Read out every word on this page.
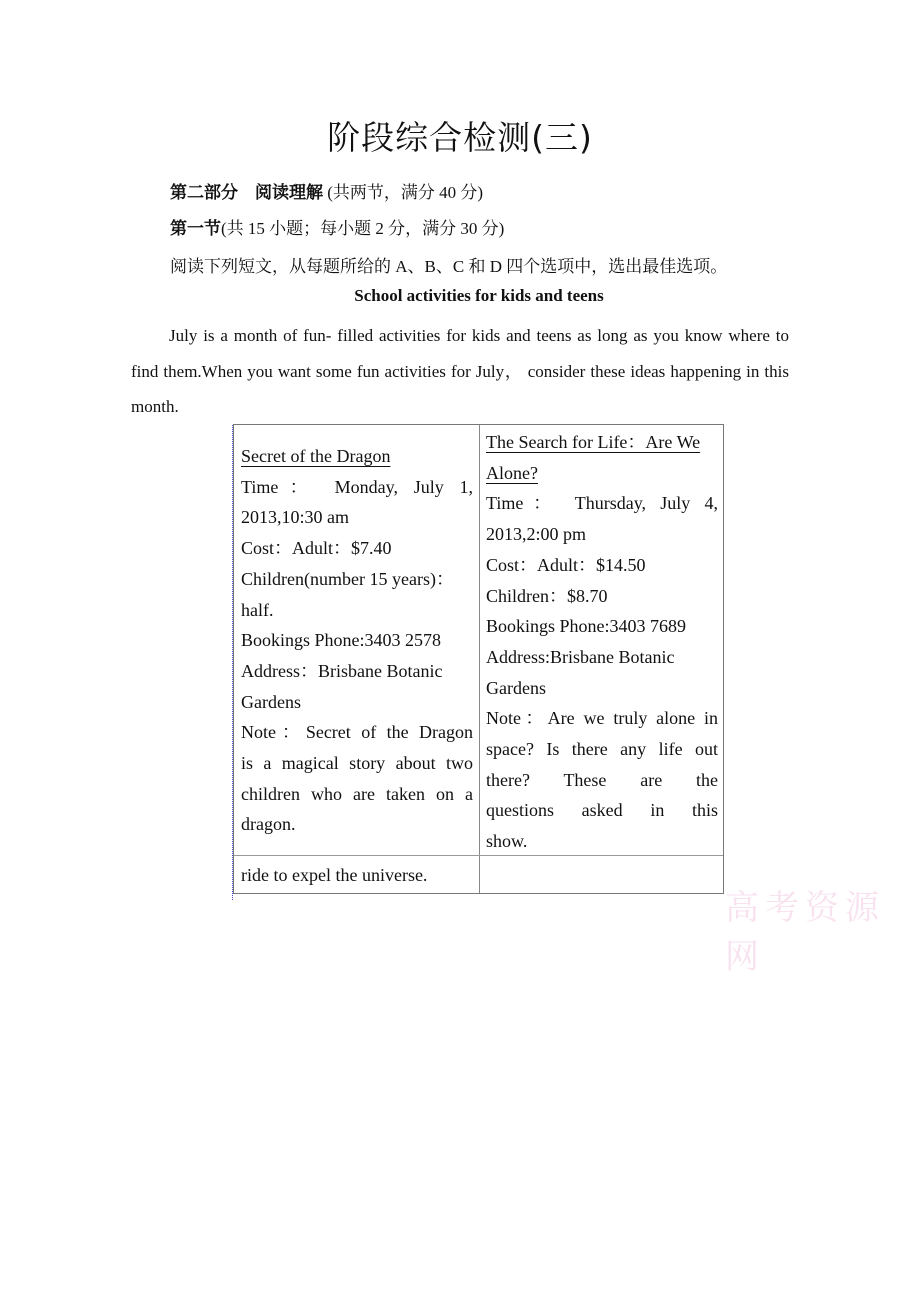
阶段综合检测(三)
第二部分　阅读理解 (共两节，满分 40 分)
第一节(共 15 小题；每小题 2 分，满分 30 分)
阅读下列短文，从每题所给的 A、B、C 和 D 四个选项中，选出最佳选项。
School activities for kids and teens

July is a month of fun- filled activities for kids and teens as long as you know where to find them.When you want some fun activities for July， consider these ideas happening in this month.

Secret of the Dragon
Time： Monday, July 1,
2013,10:30 am
Cost：Adult：$7.40
Children(number 15 years)：
half.
Bookings Phone:3403 2578
Address：Brisbane Botanic
Gardens
Note：Secret of the Dragon
is a magical story about two
children who are taken on a
dragon.
The Search for Life：Are We
Alone?
Time： Thursday, July 4,
2013,2:00 pm
Cost：Adult：$14.50
Children：$8.70
Bookings Phone:3403 7689
Address:Brisbane Botanic
Gardens
Note：Are we truly alone in
space? Is there any life out
there? These are the
questions asked in this
show.
ride to expel the universe.
高考资源网
